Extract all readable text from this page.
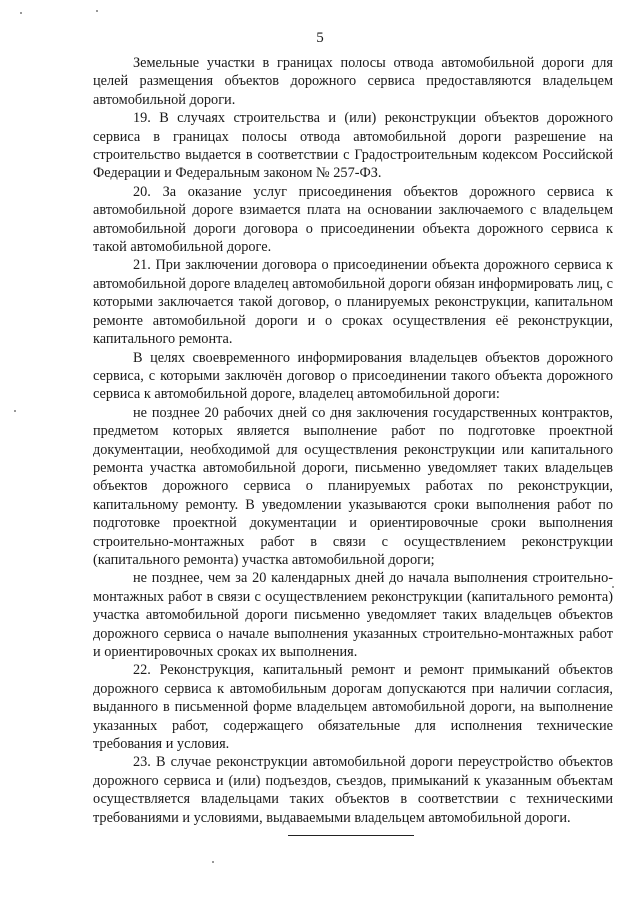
5

Земельные участки в границах полосы отвода автомобильной дороги для целей размещения объектов дорожного сервиса предоставляются владельцем автомобильной дороги.

19. В случаях строительства и (или) реконструкции объектов дорожного сервиса в границах полосы отвода автомобильной дороги разрешение на строительство выдается в соответствии с Градостроительным кодексом Российской Федерации и Федеральным законом № 257-ФЗ.

20. За оказание услуг присоединения объектов дорожного сервиса к автомобильной дороге взимается плата на основании заключаемого с владельцем автомобильной дороги договора о присоединении объекта дорожного сервиса к такой автомобильной дороге.

21. При заключении договора о присоединении объекта дорожного сервиса к автомобильной дороге владелец автомобильной дороги обязан информировать лиц, с которыми заключается такой договор, о планируемых реконструкции, капитальном ремонте автомобильной дороги и о сроках осуществления её реконструкции, капитального ремонта.

В целях своевременного информирования владельцев объектов дорожного сервиса, с которыми заключён договор о присоединении такого объекта дорожного сервиса к автомобильной дороге, владелец автомобильной дороги:

не позднее 20 рабочих дней со дня заключения государственных контрактов, предметом которых является выполнение работ по подготовке проектной документации, необходимой для осуществления реконструкции или капитального ремонта участка автомобильной дороги, письменно уведомляет таких владельцев объектов дорожного сервиса о планируемых работах по реконструкции, капитальному ремонту. В уведомлении указываются сроки выполнения работ по подготовке проектной документации и ориентировочные сроки выполнения строительно-монтажных работ в связи с осуществлением реконструкции (капитального ремонта) участка автомобильной дороги;

не позднее, чем за 20 календарных дней до начала выполнения строительно-монтажных работ в связи с осуществлением реконструкции (капитального ремонта) участка автомобильной дороги письменно уведомляет таких владельцев объектов дорожного сервиса о начале выполнения указанных строительно-монтажных работ и ориентировочных сроках их выполнения.

22. Реконструкция, капитальный ремонт и ремонт примыканий объектов дорожного сервиса к автомобильным дорогам допускаются при наличии согласия, выданного в письменной форме владельцем автомобильной дороги, на выполнение указанных работ, содержащего обязательные для исполнения технические требования и условия.

23. В случае реконструкции автомобильной дороги переустройство объектов дорожного сервиса и (или) подъездов, съездов, примыканий к указанным объектам осуществляется владельцами таких объектов в соответствии с техническими требованиями и условиями, выдаваемыми владельцем автомобильной дороги.
